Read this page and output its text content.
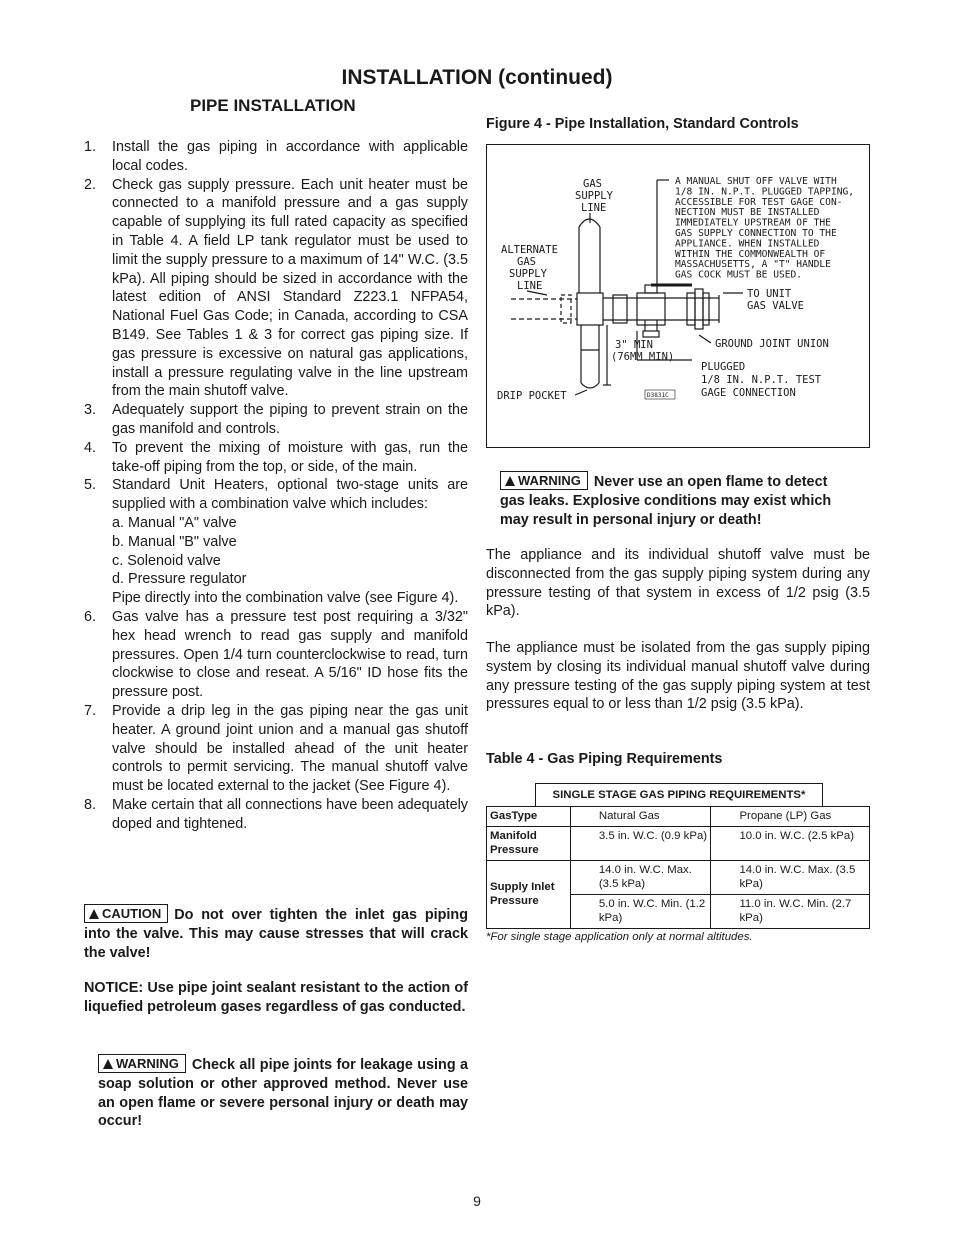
INSTALLATION (continued)
PIPE INSTALLATION
1. Install the gas piping in accordance with applicable local codes.
2. Check gas supply pressure. Each unit heater must be connected to a manifold pressure and a gas supply capable of supplying its full rated capacity as specified in Table 4. A field LP tank regulator must be used to limit the supply pressure to a maximum of 14" W.C. (3.5 kPa). All piping should be sized in accordance with the latest edition of ANSI Standard Z223.1 NFPA54, National Fuel Gas Code; in Canada, according to CSA B149. See Tables 1 & 3 for correct gas piping size. If gas pressure is excessive on natural gas applications, install a pressure regulating valve in the line upstream from the main shutoff valve.
3. Adequately support the piping to prevent strain on the gas manifold and controls.
4. To prevent the mixing of moisture with gas, run the take-off piping from the top, or side, of the main.
5. Standard Unit Heaters, optional two-stage units are supplied with a combination valve which includes:
a. Manual "A" valve
b. Manual "B" valve
c. Solenoid valve
d. Pressure regulator
Pipe directly into the combination valve (see Figure 4).
6. Gas valve has a pressure test post requiring a 3/32" hex head wrench to read gas supply and manifold pressures. Open 1/4 turn counterclockwise to read, turn clockwise to close and reseat. A 5/16" ID hose fits the pressure post.
7. Provide a drip leg in the gas piping near the gas unit heater. A ground joint union and a manual gas shutoff valve should be installed ahead of the unit heater controls to permit servicing. The manual shutoff valve must be located external to the jacket (See Figure 4).
8. Make certain that all connections have been adequately doped and tightened.
CAUTION Do not over tighten the inlet gas piping into the valve. This may cause stresses that will crack the valve!
NOTICE: Use pipe joint sealant resistant to the action of liquefied petroleum gases regardless of gas conducted.
WARNING Check all pipe joints for leakage using a soap solution or other approved method. Never use an open flame or severe personal injury or death may occur!
Figure 4 - Pipe Installation, Standard Controls
GAS SUPPLY LINE
ALTERNATE GAS SUPPLY LINE
A MANUAL SHUT OFF VALVE WITH 1/8 IN. N.P.T. PLUGGED TAPPING, ACCESSIBLE FOR TEST GAGE CON- NECTION MUST BE INSTALLED IMMEDIATELY UPSTREAM OF THE GAS SUPPLY CONNECTION TO THE APPLIANCE. WHEN INSTALLED WITHIN THE COMMONWEALTH OF MASSACHUSETTS, A "T" HANDLE GAS COCK MUST BE USED.
TO UNIT GAS VALVE
GROUND JOINT UNION
3" MIN (76MM MIN)
PLUGGED 1/8 IN. N.P.T. TEST GAGE CONNECTION
DRIP POCKET	D3831C
WARNING Never use an open flame to detect gas leaks. Explosive conditions may exist which may result in personal injury or death!
The appliance and its individual shutoff valve must be disconnected from the gas supply piping system during any pressure testing of that system in excess of 1/2 psig (3.5 kPa).
The appliance must be isolated from the gas supply piping system by closing its individual manual shutoff valve during any pressure testing of the gas supply piping system at test pressures equal to or less than 1/2 psig (3.5 kPa).
Table 4 - Gas Piping Requirements
SINGLE STAGE GAS PIPING REQUIREMENTS*
GasType	Natural Gas	Propane (LP) Gas
Manifold Pressure	3.5 in. W.C. (0.9 kPa)	10.0 in. W.C. (2.5 kPa)
Supply Inlet Pressure	14.0 in. W.C. Max. (3.5 kPa)	14.0 in. W.C. Max. (3.5 kPa)
	5.0 in. W.C. Min. (1.2 kPa)	11.0 in. W.C. Min. (2.7 kPa)
*For single stage application only at normal altitudes.
9
